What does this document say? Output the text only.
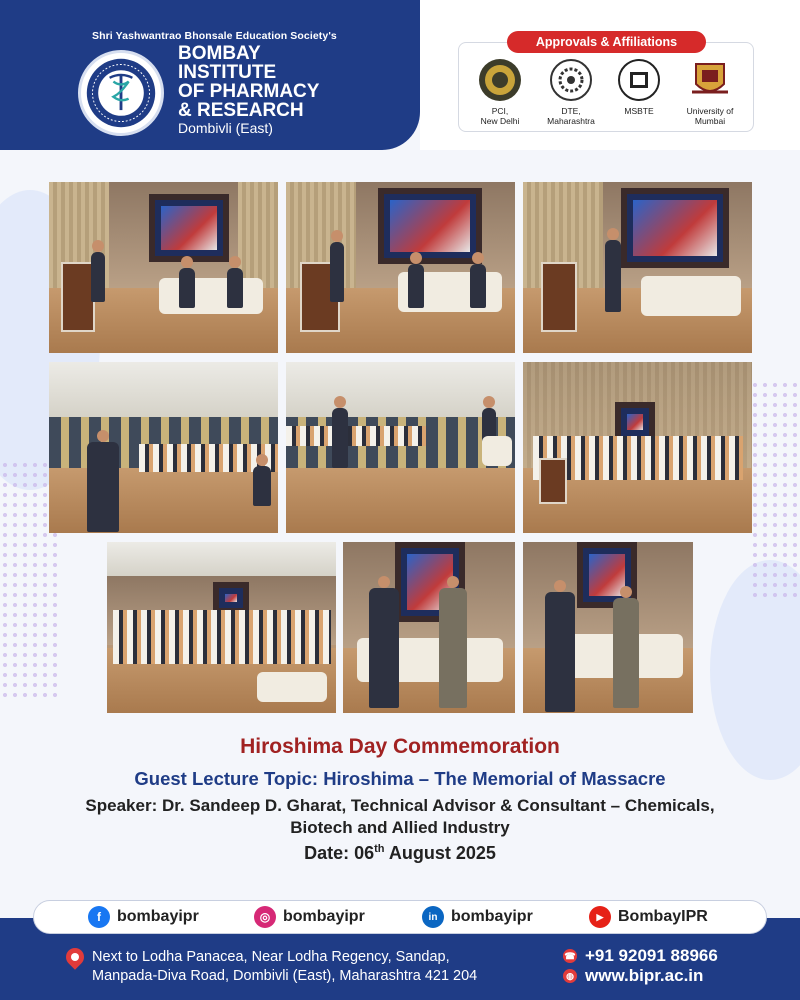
Shri Yashwantrao Bhonsale Education Society's
BOMBAY
INSTITUTE
OF PHARMACY
& RESEARCH
Dombivli (East)
Approvals & Affiliations
PCI,
New Delhi
DTE,
Maharashtra
MSBTE	University of
Mumbai
Hiroshima Day Commemoration
Guest Lecture Topic: Hiroshima – The Memorial of Massacre
Speaker: Dr. Sandeep D. Gharat, Technical Advisor & Consultant – Chemicals,
Biotech and Allied Industry
Date: 06th August 2025
f	bombayipr	◎ bombayipr	in bombayipr	▶ BombayIPR
Next to Lodha Panacea, Near Lodha Regency, Sandap,
Manpada-Diva Road, Dombivli (East), Maharashtra 421 204
☎ +91 92091 88966
◍ www.bipr.ac.in
